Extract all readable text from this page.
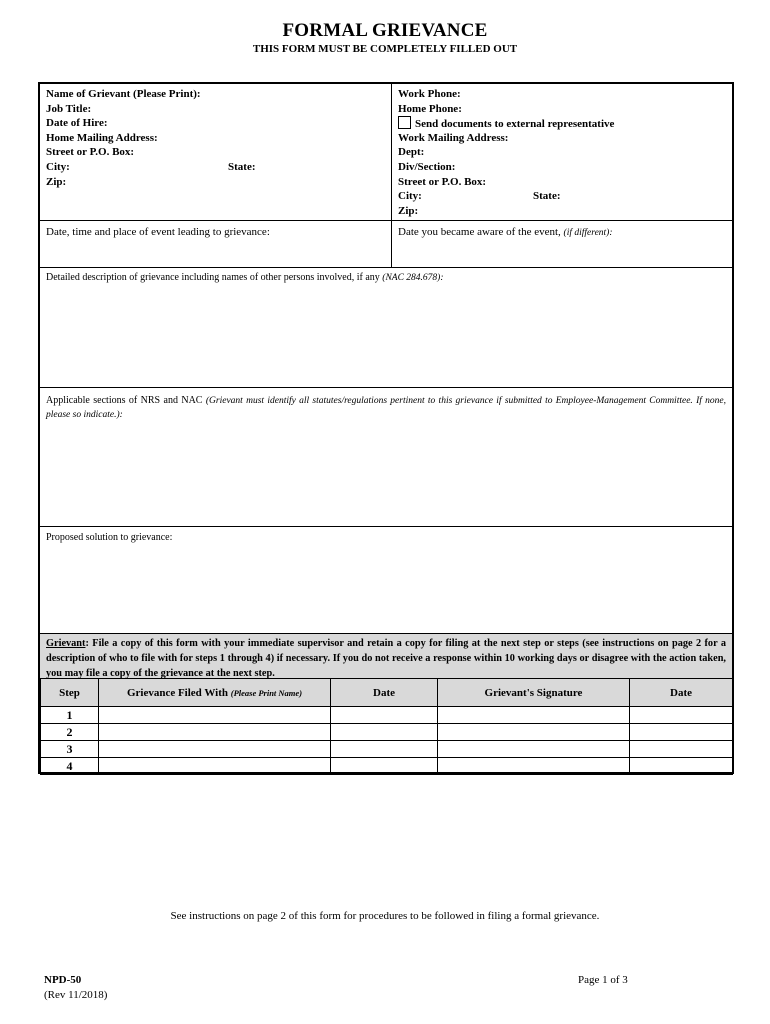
FORMAL GRIEVANCE
THIS FORM MUST BE COMPLETELY FILLED OUT
Name of Grievant (Please Print):
Job Title:
Date of Hire:
Home Mailing Address:
Street or P.O. Box:
City:	State:
Zip:
Work Phone:
Home Phone:
Send documents to external representative
Work Mailing Address:
Dept:
Div/Section:
Street or P.O. Box:
City:	State:
Zip:
Date, time and place of event leading to grievance:	Date you became aware of the event, (if different):
Detailed description of grievance including names of other persons involved, if any (NAC 284.678):
Applicable sections of NRS and NAC (Grievant must identify all statutes/regulations pertinent to this grievance if submitted to Employee-Management Committee. If none, please so indicate.):
Proposed solution to grievance:
Grievant: File a copy of this form with your immediate supervisor and retain a copy for filing at the next step or steps (see instructions on page 2 for a description of who to file with for steps 1 through 4) if necessary. If you do not receive a response within 10 working days or disagree with the action taken, you may file a copy of the grievance at the next step.
Step	Grievance Filed With (Please Print Name)	Date	Grievant's Signature	Date
1				
2				
3				
4				
See instructions on page 2 of this form for procedures to be followed in filing a formal grievance.
NPD-50
(Rev 11/2018)
Page 1 of 3
